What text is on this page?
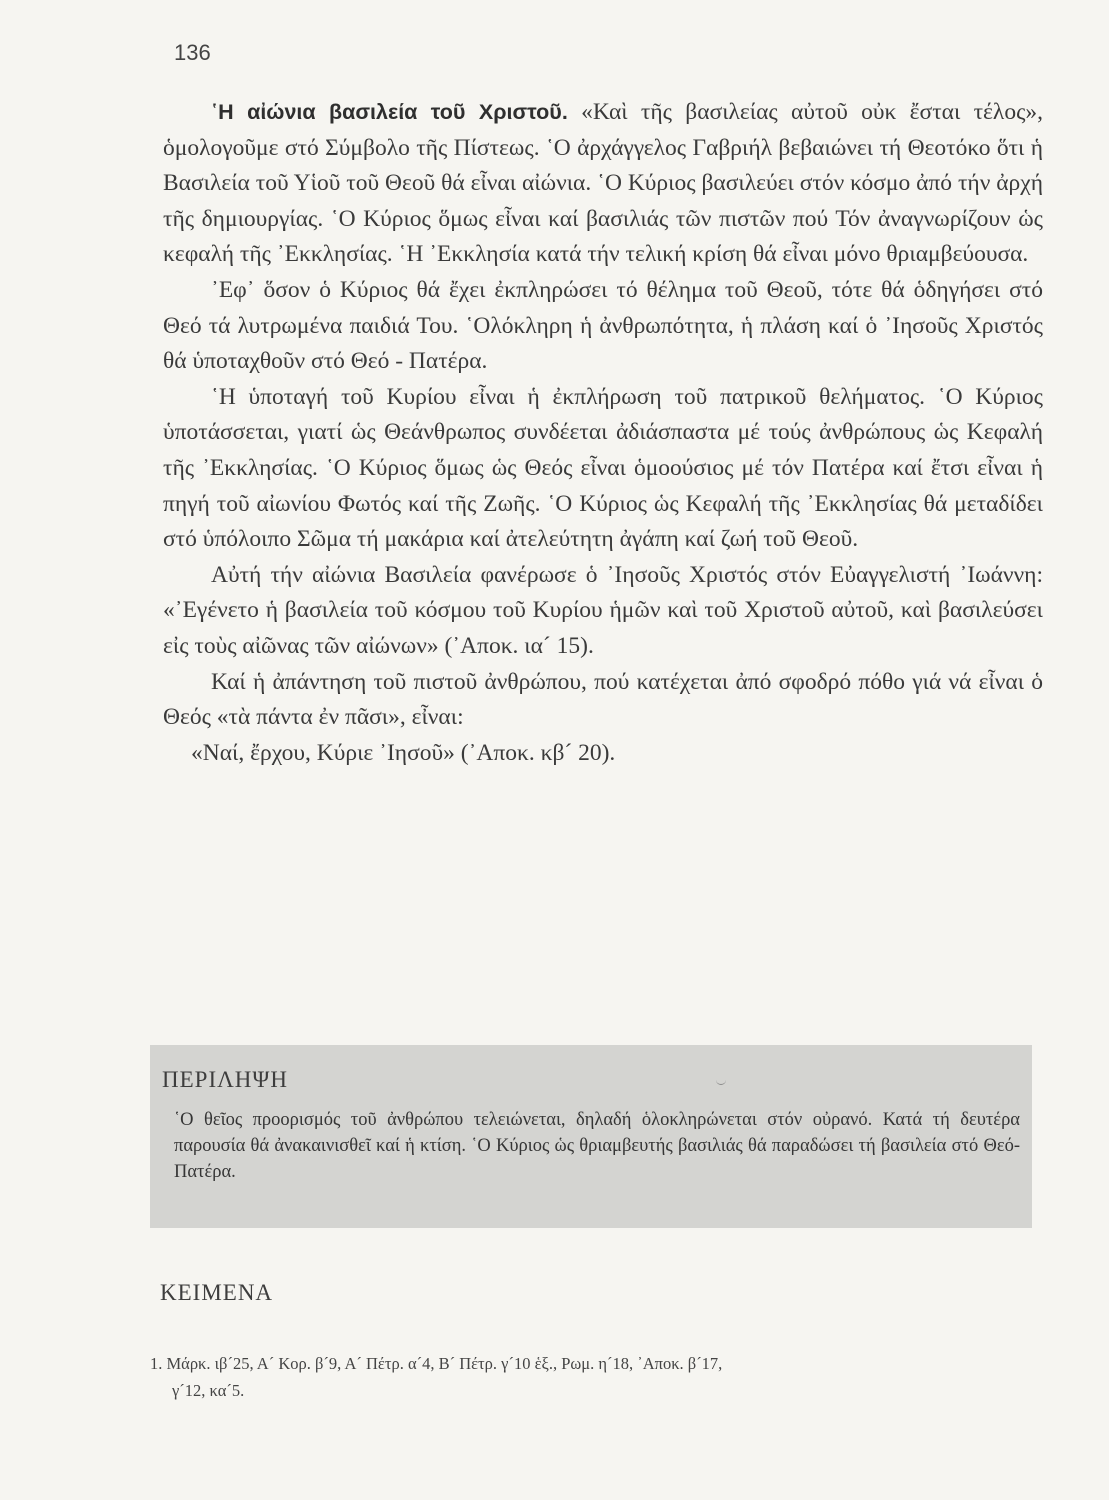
136

῾Η αἰώνια βασιλεία τοῦ Χριστοῦ. «Καὶ τῆς βασιλείας αὐτοῦ οὐκ ἔσται τέλος», ὁμολογοῦμε στό Σύμβολο τῆς Πίστεως. ῾Ο ἀρχάγγελος Γαβριήλ βεβαιώνει τή Θεοτόκο ὅτι ἡ Βασιλεία τοῦ Υἱοῦ τοῦ Θεοῦ θά εἶναι αἰώνια. ῾Ο Κύριος βασιλεύει στόν κόσμο ἀπό τήν ἀρχή τῆς δημιουργίας. ῾Ο Κύριος ὅμως εἶναι καί βασιλιάς τῶν πιστῶν πού Τόν ἀναγνωρίζουν ὡς κεφαλή τῆς ᾿Εκκλησίας. ῾Η ᾿Εκκλησία κατά τήν τελική κρίση θά εἶναι μόνο θριαμβεύουσα.

᾿Εφ᾿ ὅσον ὁ Κύριος θά ἔχει ἐκπληρώσει τό θέλημα τοῦ Θεοῦ, τότε θά ὁδηγήσει στό Θεό τά λυτρωμένα παιδιά Του. ῾Ολόκληρη ἡ ἀνθρωπότητα, ἡ πλάση καί ὁ ᾿Ιησοῦς Χριστός θά ὑποταχθοῦν στό Θεό - Πατέρα.

῾Η ὑποταγή τοῦ Κυρίου εἶναι ἡ ἐκπλήρωση τοῦ πατρικοῦ θελήματος. ῾Ο Κύριος ὑποτάσσεται, γιατί ὡς Θεάνθρωπος συνδέεται ἀδιάσπαστα μέ τούς ἀνθρώπους ὡς Κεφαλή τῆς ᾿Εκκλησίας. ῾Ο Κύριος ὅμως ὡς Θεός εἶναι ὁμοούσιος μέ τόν Πατέρα καί ἔτσι εἶναι ἡ πηγή τοῦ αἰωνίου Φωτός καί τῆς Ζωῆς. ῾Ο Κύριος ὡς Κεφαλή τῆς ᾿Εκκλησίας θά μεταδίδει στό ὑπόλοιπο Σῶμα τή μακάρια καί ἀτελεύτητη ἀγάπη καί ζωή τοῦ Θεοῦ.

Αὐτή τήν αἰώνια Βασιλεία φανέρωσε ὁ ᾿Ιησοῦς Χριστός στόν Εὐαγγελιστή ᾿Ιωάννη: «᾿Εγένετο ἡ βασιλεία τοῦ κόσμου τοῦ Κυρίου ἡμῶν καὶ τοῦ Χριστοῦ αὐτοῦ, καὶ βασιλεύσει εἰς τοὺς αἰῶνας τῶν αἰώνων» (᾿Αποκ. ια´ 15).

Καί ἡ ἀπάντηση τοῦ πιστοῦ ἀνθρώπου, πού κατέχεται ἀπό σφοδρό πόθο γιά νά εἶναι ὁ Θεός «τὰ πάντα ἐν πᾶσι», εἶναι:

«Ναί, ἔρχου, Κύριε ᾿Ιησοῦ» (᾿Αποκ. κβ´ 20).

ΠΕΡΙΛΗΨΗ
῾Ο θεῖος προορισμός τοῦ ἀνθρώπου τελειώνεται, δηλαδή ὁλοκληρώνεται στόν οὐρανό. Κατά τή δευτέρα παρουσία θά ἀνακαινισθεῖ καί ἡ κτίση. ῾Ο Κύριος ὡς θριαμβευτής βασιλιάς θά παραδώσει τή βασιλεία στό Θεό-Πατέρα.
ΚΕΙΜΕΝΑ
1. Μάρκ. ιβ´25, Α´ Κορ. β´9, Α´ Πέτρ. α´4, Β´ Πέτρ. γ´10 ἑξ., Ρωμ. η´18, ᾿Αποκ. β´17,
γ´12, κα´5.
